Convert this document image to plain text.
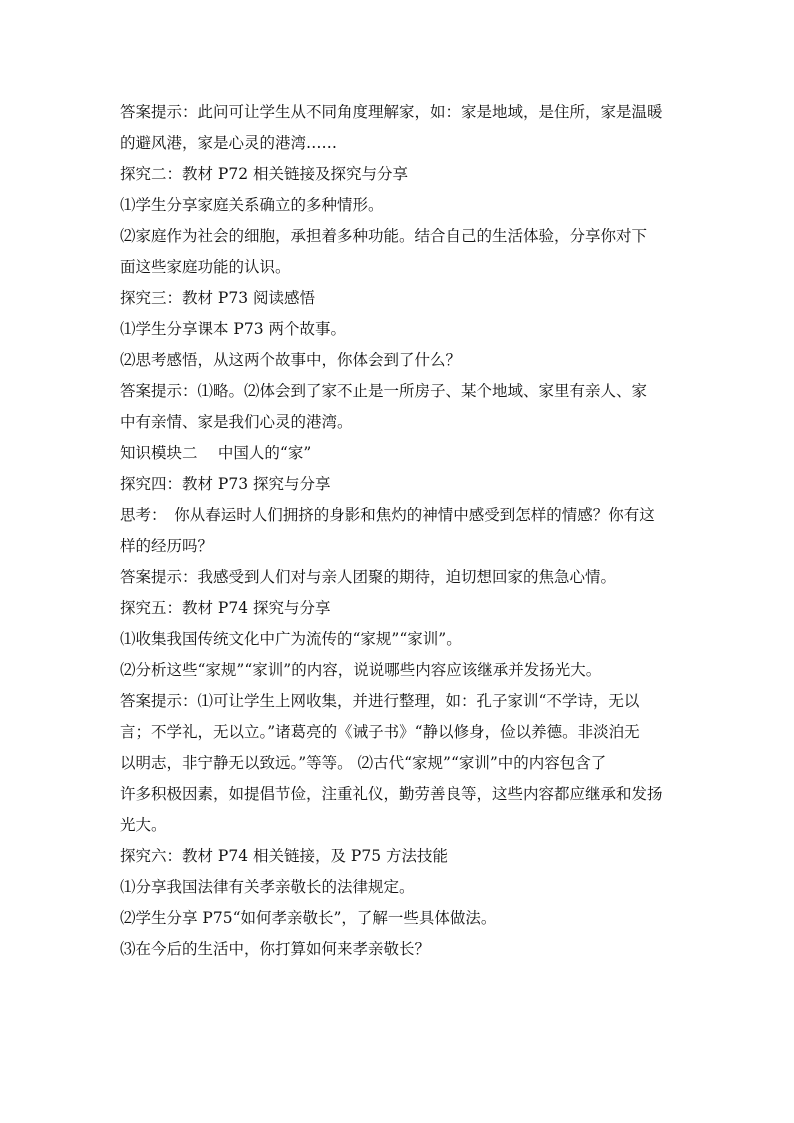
答案提示：此问可让学生从不同角度理解家，如：家是地域，是住所，家是温暖
的避风港，家是心灵的港湾……
探究二：教材 P72 相关链接及探究与分享
⑴学生分享家庭关系确立的多种情形。
⑵家庭作为社会的细胞，承担着多种功能。结合自己的生活体验，分享你对下
面这些家庭功能的认识。
探究三：教材 P73 阅读感悟
⑴学生分享课本 P73 两个故事。
⑵思考感悟，从这两个故事中，你体会到了什么？
答案提示：⑴略。⑵体会到了家不止是一所房子、某个地域、家里有亲人、家
中有亲情、家是我们心灵的港湾。
知识模块二　 中国人的“家”
探究四：教材 P73 探究与分享
思考：　你从春运时人们拥挤的身影和焦灼的神情中感受到怎样的情感？你有这
样的经历吗？
答案提示：我感受到人们对与亲人团聚的期待，迫切想回家的焦急心情。
探究五：教材 P74 探究与分享
⑴收集我国传统文化中广为流传的“家规”“家训”。
⑵分析这些“家规”“家训”的内容，说说哪些内容应该继承并发扬光大。
答案提示：⑴可让学生上网收集，并进行整理，如：孔子家训“不学诗，无以
言；不学礼，无以立。”诸葛亮的《诫子书》“静以修身，俭以养德。非淡泊无
以明志，非宁静无以致远。”等等。 ⑵古代“家规”“家训”中的内容包含了
许多积极因素，如提倡节俭，注重礼仪，勤劳善良等，这些内容都应继承和发扬
光大。
探究六：教材 P74 相关链接，及 P75 方法技能
⑴分享我国法律有关孝亲敬长的法律规定。
⑵学生分享 P75“如何孝亲敬长”，了解一些具体做法。
⑶在今后的生活中，你打算如何来孝亲敬长？
